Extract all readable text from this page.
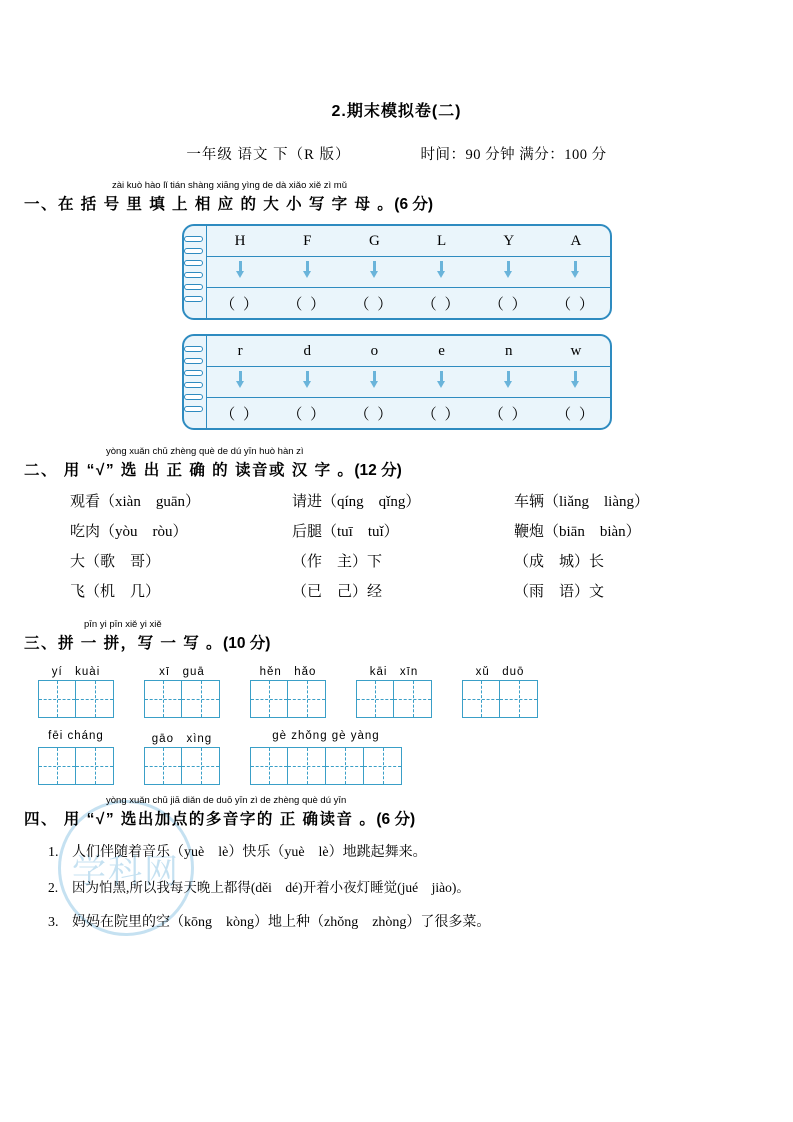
学科网
2.期末模拟卷(二)
一年级 语文 下（R 版）	时间：90 分钟 满分：100 分
zài kuò hào lǐ tián shàng xiāng yìng de dà xiǎo xiě zì mǔ
一、在 括 号 里 填 上 相 应 的 大 小 写 字 母 。(6 分)
H	F	G	L	Y	A
（ ）	（ ）	（ ）	（ ）	（ ）	（ ）
r	d	o	e	n	w
（ ）	（ ）	（ ）	（ ）	（ ）	（ ）
yòng xuǎn chū zhèng què de dú yīn huò hàn zì
二、 用 “√” 选 出 正 确 的 读音或 汉 字 。(12 分)
观看（xiàn　guān）	请进（qíng　qǐng）	车辆（liǎng　liàng）
吃肉（yòu　ròu）	后腿（tuī　tuǐ）	鞭炮（biān　biàn）
大（歌　哥）	（作　主）下	（成　城）长
飞（机　几）	（已　己）经	（雨　语）文
pīn yi pīn xiě yi xiě
三、拼 一 拼，写 一 写 。(10 分)
yí　kuài	xī　guā	hěn　hǎo	kāi　xīn	xǔ　duō
fēi cháng	gāo　xìng	gè zhǒng gè yàng
yòng xuǎn chū jiā diǎn de duō yīn zì de zhèng què dú yīn
四、 用 “√” 选出加点的多音字的 正 确读音 。(6 分)
1. 人们伴随着音乐（yuè　lè）快乐（yuè　lè）地跳起舞来。
2. 因为怕黑,所以我每天晚上都得(děi　dé)开着小夜灯睡觉(jué　jiào)。
3. 妈妈在院里的空（kōng　kòng）地上种（zhǒng　zhòng）了很多菜。
